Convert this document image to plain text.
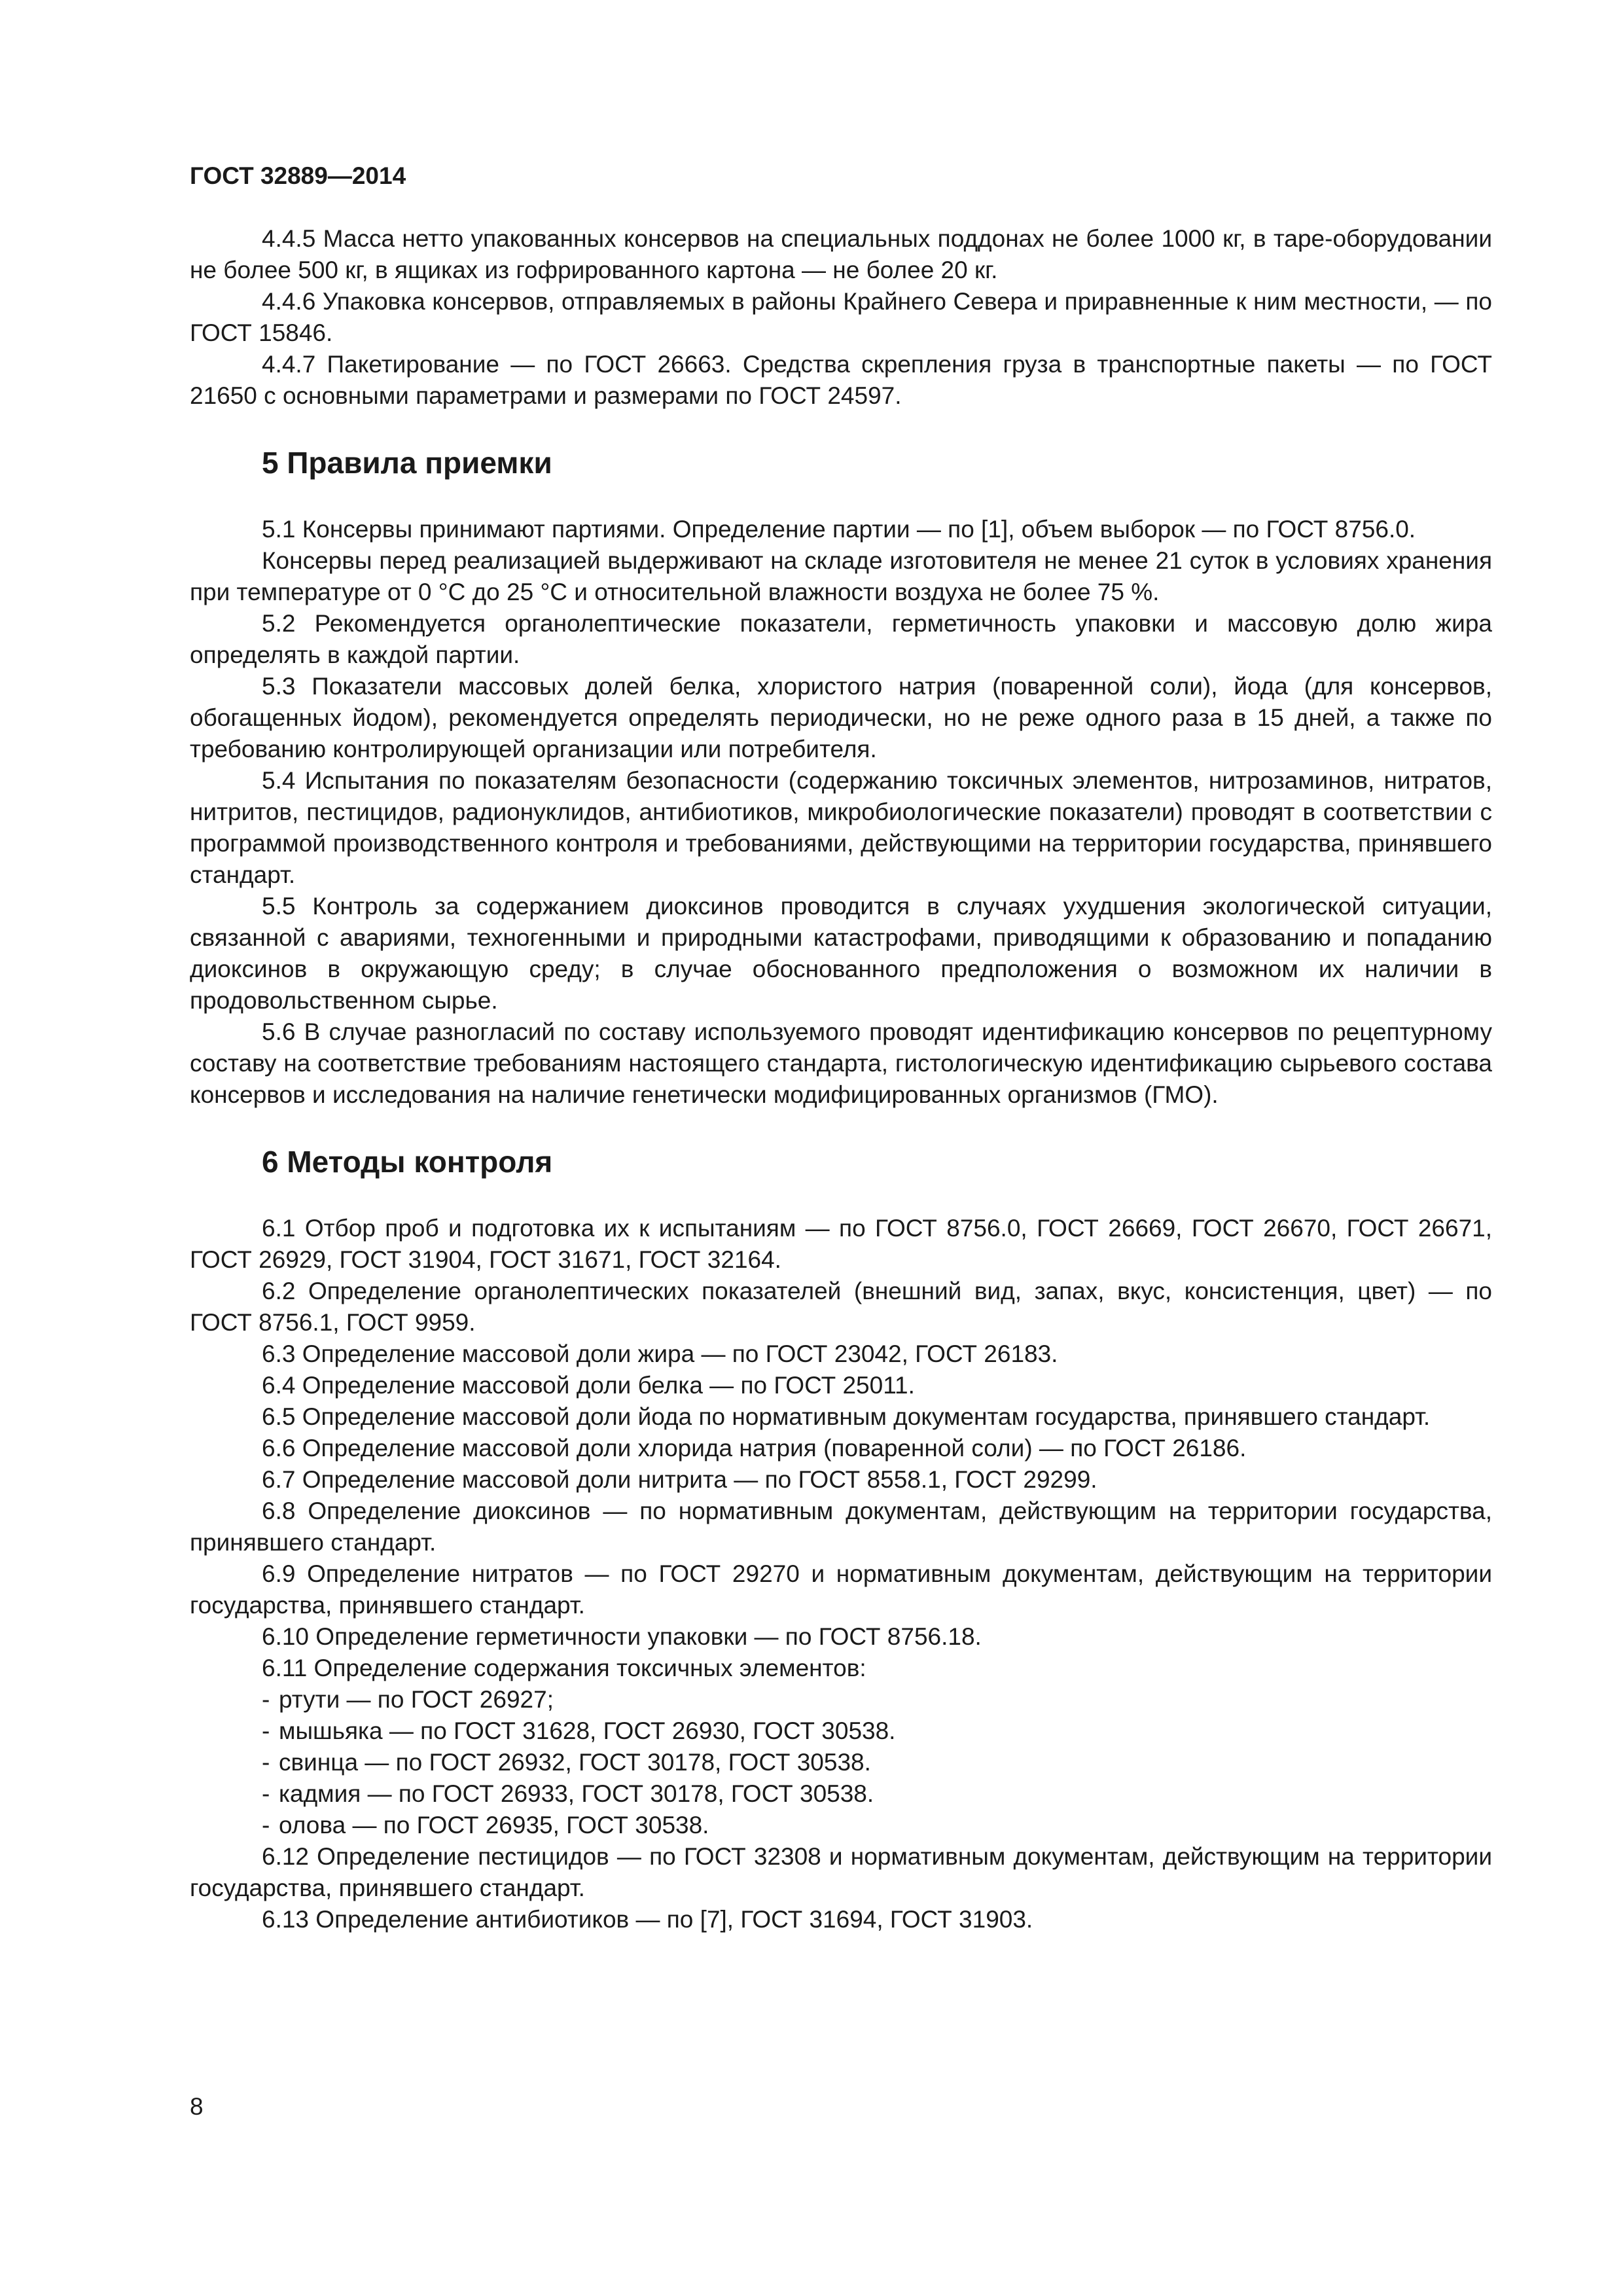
ГОСТ 32889—2014

4.4.5 Масса нетто упакованных консервов на специальных поддонах не более 1000 кг, в таре-оборудовании не более 500 кг, в ящиках из гофрированного картона — не более 20 кг.

4.4.6 Упаковка консервов, отправляемых в районы Крайнего Севера и приравненные к ним местности, — по ГОСТ 15846.

4.4.7 Пакетирование — по ГОСТ 26663. Средства скрепления груза в транспортные пакеты — по ГОСТ 21650 с основными параметрами и размерами по ГОСТ 24597.

5 Правила приемки

5.1 Консервы принимают партиями. Определение партии — по [1], объем выборок — по ГОСТ 8756.0.

Консервы перед реализацией выдерживают на складе изготовителя не менее 21 суток в условиях хранения при температуре от 0 °С до 25 °С и относительной влажности воздуха не более 75 %.

5.2 Рекомендуется органолептические показатели, герметичность упаковки и массовую долю жира определять в каждой партии.

5.3 Показатели массовых долей белка, хлористого натрия (поваренной соли), йода (для консервов, обогащенных йодом), рекомендуется определять периодически, но не реже одного раза в 15 дней, а также по требованию контролирующей организации или потребителя.

5.4 Испытания по показателям безопасности (содержанию токсичных элементов, нитрозаминов, нитратов, нитритов, пестицидов, радионуклидов, антибиотиков, микробиологические показатели) проводят в соответствии с программой производственного контроля и требованиями, действующими на территории государства, принявшего стандарт.

5.5 Контроль за содержанием диоксинов проводится в случаях ухудшения экологической ситуации, связанной с авариями, техногенными и природными катастрофами, приводящими к образованию и попаданию диоксинов в окружающую среду; в случае обоснованного предположения о возможном их наличии в продовольственном сырье.

5.6 В случае разногласий по составу используемого проводят идентификацию консервов по рецептурному составу на соответствие требованиям настоящего стандарта, гистологическую идентификацию сырьевого состава консервов и исследования на наличие генетически модифицированных организмов (ГМО).

6 Методы контроля

6.1 Отбор проб и подготовка их к испытаниям — по ГОСТ 8756.0, ГОСТ 26669, ГОСТ 26670, ГОСТ 26671, ГОСТ 26929, ГОСТ 31904, ГОСТ 31671, ГОСТ 32164.

6.2 Определение органолептических показателей (внешний вид, запах, вкус, консистенция, цвет) — по ГОСТ 8756.1, ГОСТ 9959.

6.3 Определение массовой доли жира — по ГОСТ 23042, ГОСТ 26183.

6.4 Определение массовой доли белка — по ГОСТ 25011.

6.5 Определение массовой доли йода по нормативным документам государства, принявшего стандарт.

6.6 Определение массовой доли хлорида натрия (поваренной соли) — по ГОСТ 26186.

6.7 Определение массовой доли нитрита — по ГОСТ 8558.1, ГОСТ 29299.

6.8 Определение диоксинов — по нормативным документам, действующим на территории государства, принявшего стандарт.

6.9 Определение нитратов — по ГОСТ 29270 и нормативным документам, действующим на территории государства, принявшего стандарт.

6.10 Определение герметичности упаковки — по ГОСТ 8756.18.

6.11 Определение содержания токсичных элементов:

- ртути — по ГОСТ 26927;
- мышьяка — по ГОСТ 31628, ГОСТ 26930, ГОСТ 30538.
- свинца — по ГОСТ 26932, ГОСТ 30178, ГОСТ 30538.
- кадмия — по ГОСТ 26933, ГОСТ 30178, ГОСТ 30538.
- олова — по ГОСТ 26935, ГОСТ 30538.

6.12 Определение пестицидов — по ГОСТ 32308 и нормативным документам, действующим на территории государства, принявшего стандарт.

6.13 Определение антибиотиков — по [7], ГОСТ 31694, ГОСТ 31903.

8
